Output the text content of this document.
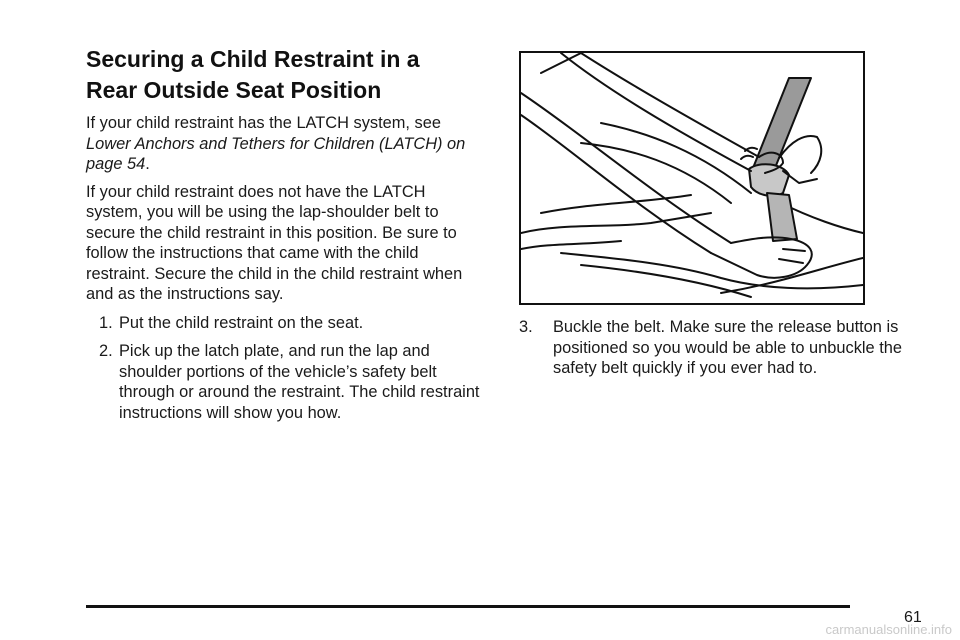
Securing a Child Restraint in a
Rear Outside Seat Position

If your child restraint has the LATCH system, see Lower Anchors and Tethers for Children (LATCH) on page 54.

If your child restraint does not have the LATCH system, you will be using the lap-shoulder belt to secure the child restraint in this position. Be sure to follow the instructions that came with the child restraint. Secure the child in the child restraint when and as the instructions say.

1. Put the child restraint on the seat.
2. Pick up the latch plate, and run the lap and shoulder portions of the vehicle’s safety belt through or around the restraint. The child restraint instructions will show you how.
3. Buckle the belt. Make sure the release button is positioned so you would be able to unbuckle the safety belt quickly if you ever had to.
61
carmanualsonline.info
